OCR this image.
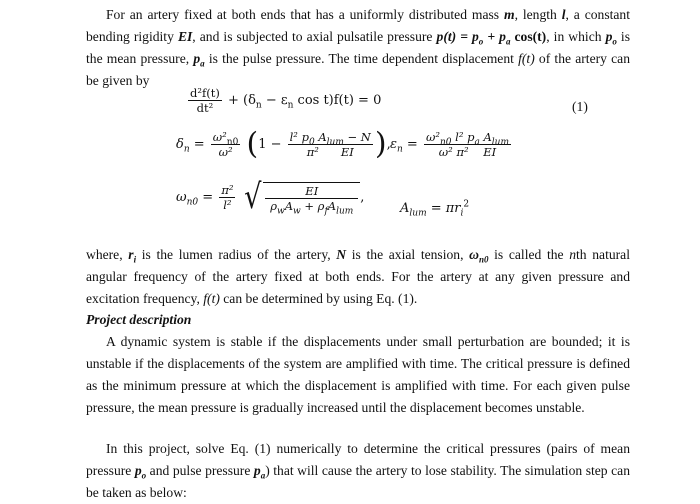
For an artery fixed at both ends that has a uniformly distributed mass m, length l, a constant bending rigidity EI, and is subjected to axial pulsatile pressure $p(t) = p_o + p_a$ cos(t), in which $p_o$ is the mean pressure, $p_a$ is the pulse pressure. The time dependent displacement f(t) of the artery can be given by

$\frac{\text{d²f(t)}}{\text{dt²}} + (\delta_n - \varepsilon_n$ cos t)f(t) = 0	(1)
$\delta_n = \frac{\omega^2_{n0}}{\text{ω²}} (1 - \frac{l^2 p_0 A_{lum} - N}{\text{π² EI}}$ ), $\varepsilon_n = \frac{\omega^2_{n0} l^2 p_a A_{lum}}{\text{ω² π² EI}}$
$\omega_{n0} = \frac{\text{π²}}{\text{l²}}$
√ $\frac{EI}{\rho_wA_w + \rho_fA_{lum}}$ ,
$A_{lum} = \pi r_i^2$

where, $r_i$ is the lumen radius of the artery, N is the axial tension, $\omega_{n0}$ is called the nth natural angular frequency of the artery fixed at both ends. For the artery at any given pressure and excitation frequency, f(t) can be determined by using Eq. (1).

Project description

A dynamic system is stable if the displacements under small perturbation are bounded; it is unstable if the displacements of the system are amplified with time. The critical pressure is defined as the minimum pressure at which the displacement is amplified with time. For each given pulse pressure, the mean pressure is gradually increased until the displacement becomes unstable.

In this project, solve Eq. (1) numerically to determine the critical pressures (pairs of mean pressure $p_o$ and pulse pressure $p_a$) that will cause the artery to lose stability. The simulation step can be taken as below:
